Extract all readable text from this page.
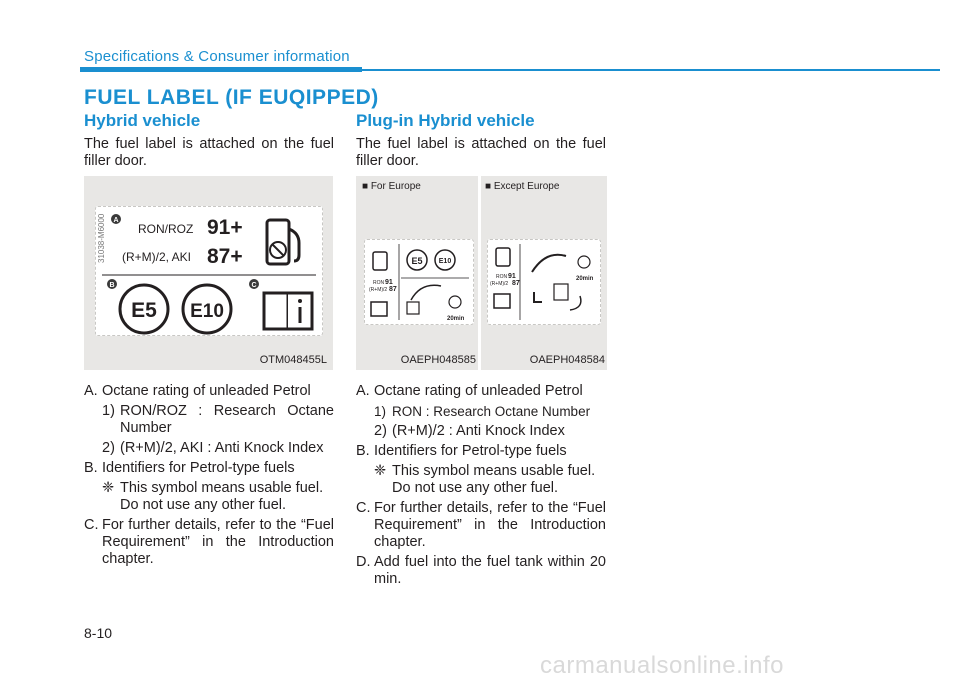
Specifications & Consumer information
FUEL LABEL (IF EUQIPPED)
Hybrid vehicle
The fuel label is attached on the fuel filler door.
31038-M6000 A
RON/ROZ 91+
(R+M)/2, AKI 87+
B	C
E5 E10
OTM048455L
A. Octane rating of unleaded Petrol
1) RON/ROZ : Research Octane Number
2) (R+M)/2, AKI : Anti Knock Index
B. Identifiers for Petrol-type fuels
❈ This symbol means usable fuel.
Do not use any other fuel.
C. For further details, refer to the “Fuel Requirement” in the Introduction chapter.
Plug-in Hybrid vehicle
The fuel label is attached on the fuel filler door.
■ For Europe
RON 91
(R+M)/2 87
E5 E10
20min
OAEPH048585
■ Except Europe
RON 91
(R+M)/2 87
20min
OAEPH048584
A. Octane rating of unleaded Petrol
1) RON : Research Octane Number
2) (R+M)/2 : Anti Knock Index
B. Identifiers for Petrol-type fuels
❈ This symbol means usable fuel. Do not use any other fuel.
C. For further details, refer to the “Fuel Requirement” in the Introduction chapter.
D. Add fuel into the fuel tank within 20 min.
8-10
carmanualsonline.info
